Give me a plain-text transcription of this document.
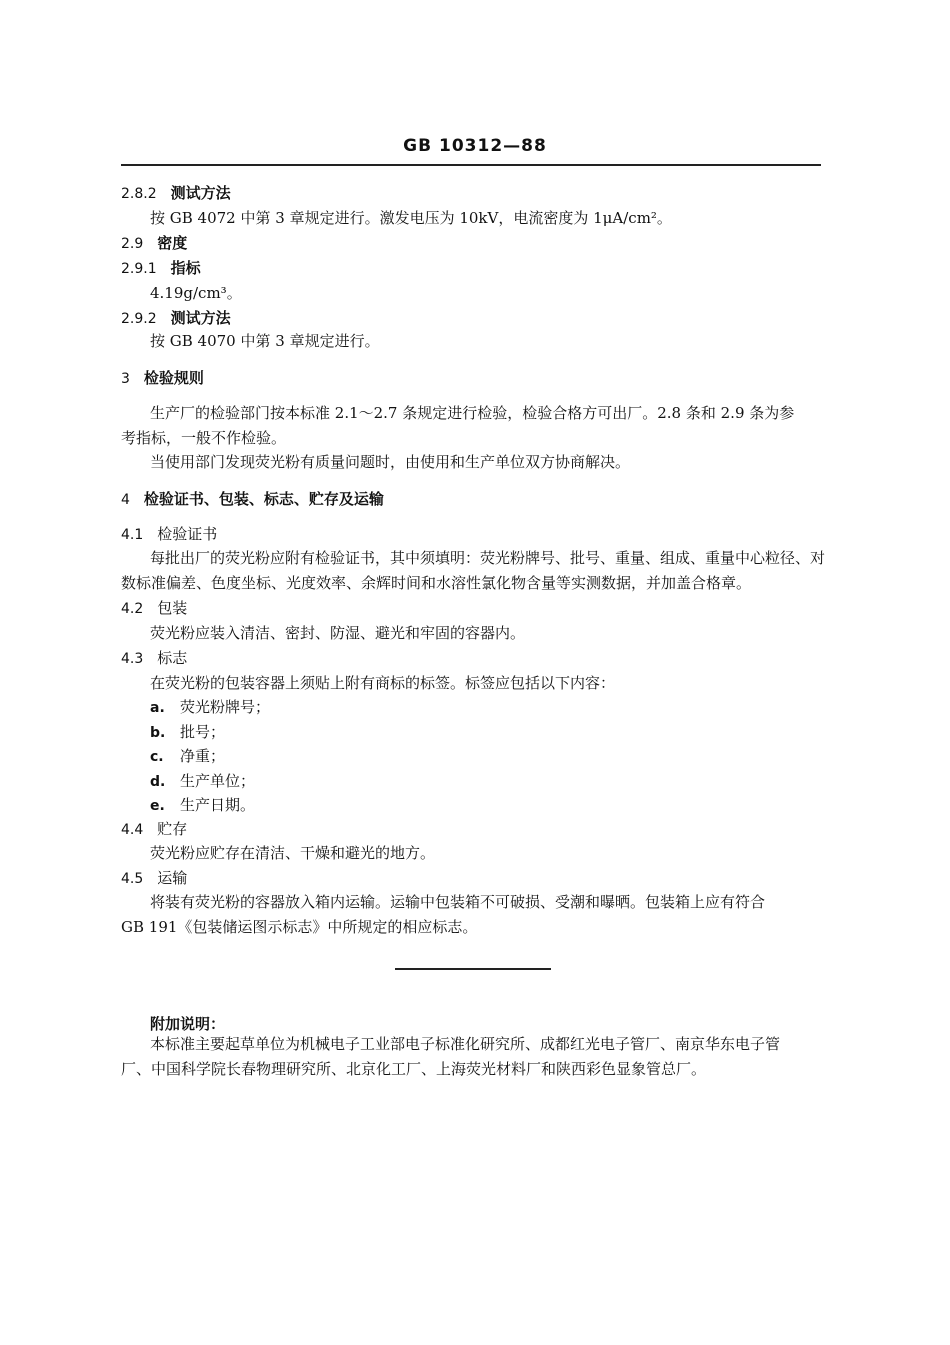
GB 10312—88
2.8.2 测试方法
按 GB 4072 中第 3 章规定进行。激发电压为 10kV，电流密度为 1μA/cm²。
2.9 密度
2.9.1 指标
4.19g/cm³。
2.9.2 测试方法
按 GB 4070 中第 3 章规定进行。
3 检验规则
生产厂的检验部门按本标准 2.1～2.7 条规定进行检验，检验合格方可出厂。2.8 条和 2.9 条为参
考指标，一般不作检验。
当使用部门发现荧光粉有质量问题时，由使用和生产单位双方协商解决。
4 检验证书、包装、标志、贮存及运输
4.1 检验证书
每批出厂的荧光粉应附有检验证书，其中须填明：荧光粉牌号、批号、重量、组成、重量中心粒径、对
数标准偏差、色度坐标、光度效率、余辉时间和水溶性氯化物含量等实测数据，并加盖合格章。
4.2 包装
荧光粉应装入清洁、密封、防湿、避光和牢固的容器内。
4.3 标志
在荧光粉的包装容器上须贴上附有商标的标签。标签应包括以下内容：
a. 荧光粉牌号；
b. 批号；
c. 净重；
d. 生产单位；
e. 生产日期。
4.4 贮存
荧光粉应贮存在清洁、干燥和避光的地方。
4.5 运输
将装有荧光粉的容器放入箱内运输。运输中包装箱不可破损、受潮和曝晒。包装箱上应有符合
GB 191《包装储运图示标志》中所规定的相应标志。
附加说明：
本标准主要起草单位为机械电子工业部电子标准化研究所、成都红光电子管厂、南京华东电子管
厂、中国科学院长春物理研究所、北京化工厂、上海荧光材料厂和陕西彩色显象管总厂。
